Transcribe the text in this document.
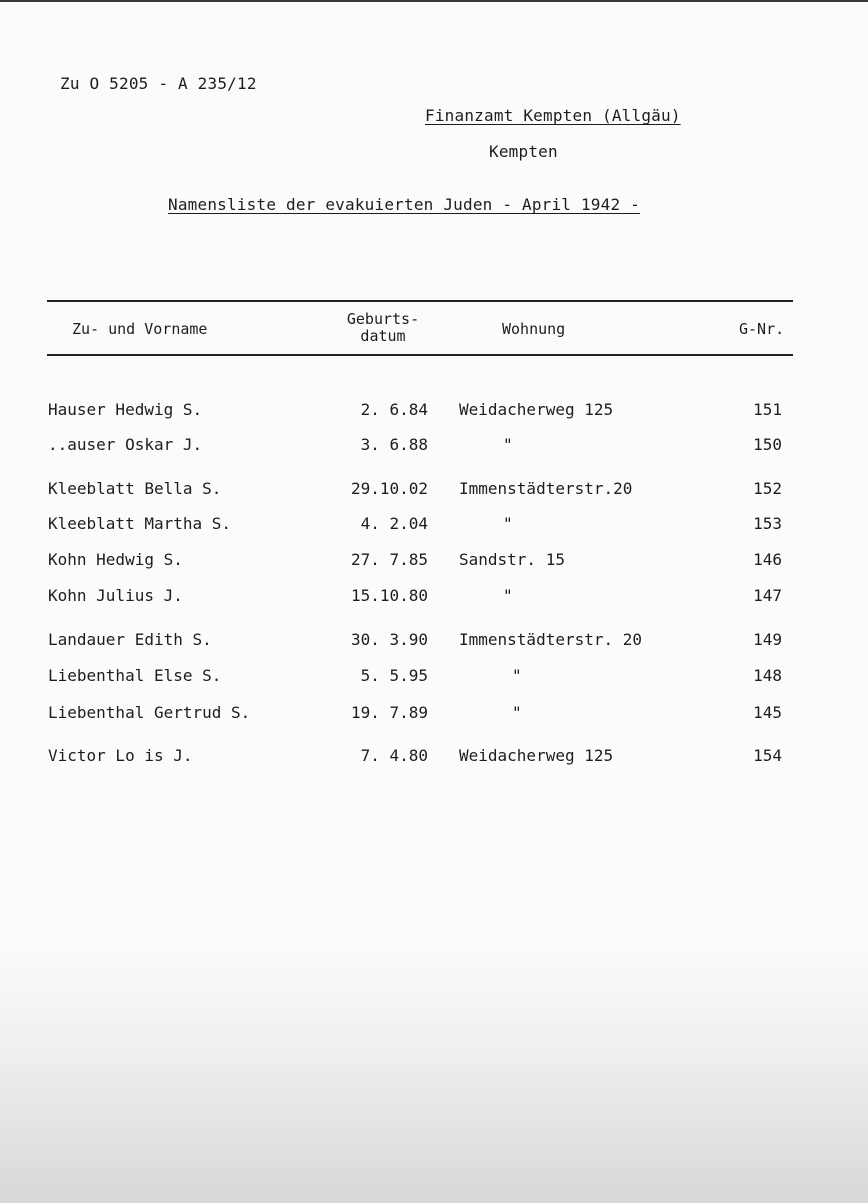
Zu O 5205 - A 235/12
Finanzamt Kempten (Allgäu)
Kempten
Namensliste der evakuierten Juden - April 1942 -
Zu- und Vorname
Geburts-
datum	Wohnung	G-Nr.
Hauser Hedwig S.	2. 6.84 Weidacherweg 125	151
..auser Oskar J.	3. 6.88	"	150
Kleeblatt Bella S.	29.10.02 Immenstädterstr.20	152
Kleeblatt Martha S.	4. 2.04	"	153
Kohn Hedwig S.	27. 7.85 Sandstr. 15	146
Kohn Julius J.	15.10.80	"	147
Landauer Edith S.	30. 3.90 Immenstädterstr. 20	149
Liebenthal Else S.	5. 5.95	"	148
Liebenthal Gertrud S.	19. 7.89	"	145
Victor Lo is J.	7. 4.80 Weidacherweg 125	154
